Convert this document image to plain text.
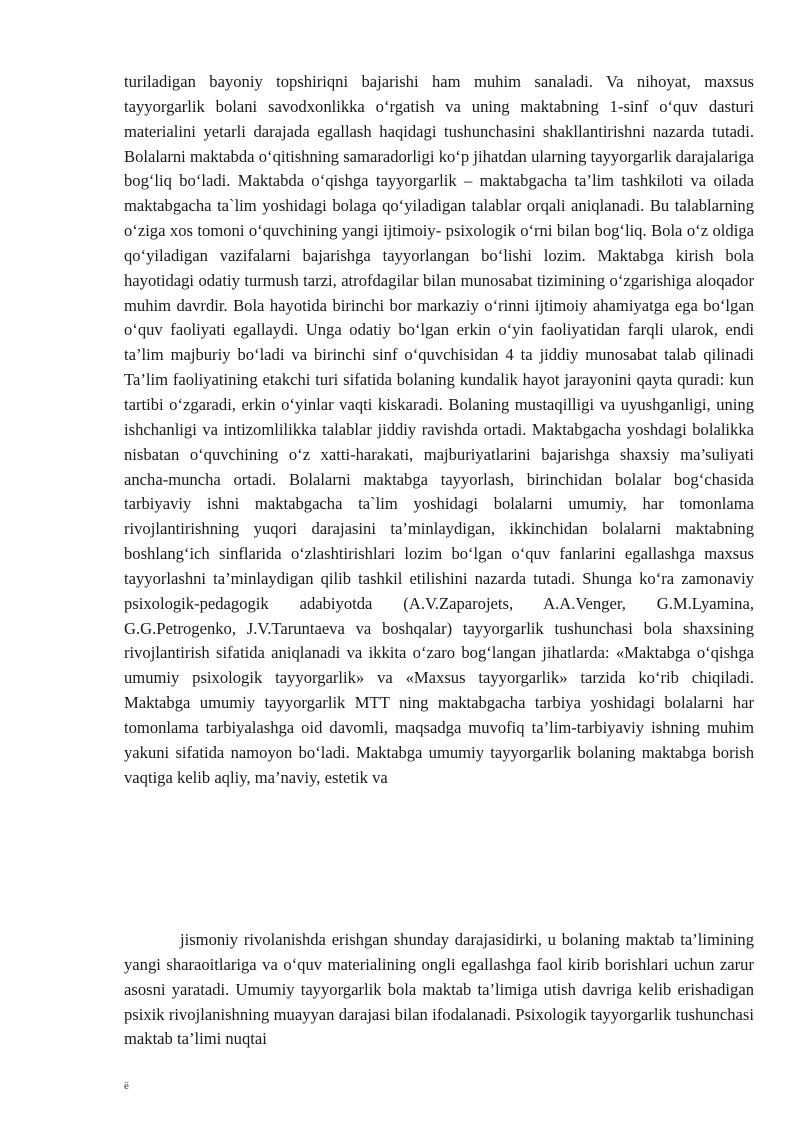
turiladigan bayoniy topshiriqni bajarishi ham muhim sanaladi. Va nihoyat, maxsus tayyorgarlik bolani savodxonlikka o‘rgatish va uning maktabning 1-sinf o‘quv dasturi materialini yetarli darajada egallash haqidagi tushunchasini shakllantirishni nazarda tutadi. Bolalarni maktabda o‘qitishning samaradorligi ko‘p jihatdan ularning tayyorgarlik darajalariga bog‘liq bo‘ladi. Maktabda o‘qishga tayyorgarlik – maktabgacha ta’lim tashkiloti va oilada maktabgacha ta`lim yoshidagi bolaga qo‘yiladigan talablar orqali aniqlanadi. Bu talablarning o‘ziga xos tomoni o‘quvchining yangi ijtimoiy- psixologik o‘rni bilan bog‘liq. Bola o‘z oldiga qo‘yiladigan vazifalarni bajarishga tayyorlangan bo‘lishi lozim. Maktabga kirish bola hayotidagi odatiy turmush tarzi, atrofdagilar bilan munosabat tizimining o‘zgarishiga aloqador muhim davrdir. Bola hayotida birinchi bor markaziy o‘rinni ijtimoiy ahamiyatga ega bo‘lgan o‘quv faoliyati egallaydi. Unga odatiy bo‘lgan erkin o‘yin faoliyatidan farqli ularok, endi ta’lim majburiy bo‘ladi va birinchi sinf o‘quvchisidan 4 ta jiddiy munosabat talab qilinadi Ta’lim faoliyatining etakchi turi sifatida bolaning kundalik hayot jarayonini qayta quradi: kun tartibi o‘zgaradi, erkin o‘yinlar vaqti kiskaradi. Bolaning mustaqilligi va uyushganligi, uning ishchanligi va intizomlilikka talablar jiddiy ravishda ortadi. Maktabgacha yoshdagi bolalikka nisbatan o‘quvchining o‘z xatti-harakati, majburiyatlarini bajarishga shaxsiy ma’suliyati ancha-muncha ortadi. Bolalarni maktabga tayyorlash, birinchidan bolalar bog‘chasida tarbiyaviy ishni maktabgacha ta`lim yoshidagi bolalarni umumiy, har tomonlama rivojlantirishning yuqori darajasini ta’minlaydigan, ikkinchidan bolalarni maktabning boshlang‘ich sinflarida o‘zlashtirishlari lozim bo‘lgan o‘quv fanlarini egallashga maxsus tayyorlashni ta’minlaydigan qilib tashkil etilishini nazarda tutadi. Shunga ko‘ra zamonaviy psixologik-pedagogik adabiyotda (A.V.Zaparojets, A.A.Venger, G.M.Lyamina, G.G.Petrogenko, J.V.Taruntaeva va boshqalar) tayyorgarlik tushunchasi bola shaxsining rivojlantirish sifatida aniqlanadi va ikkita o‘zaro bog‘langan jihatlarda: «Maktabga o‘qishga umumiy psixologik tayyorgarlik» va «Maxsus tayyorgarlik» tarzida ko‘rib chiqiladi. Maktabga umumiy tayyorgarlik MTT ning maktabgacha tarbiya yoshidagi bolalarni har tomonlama tarbiyalashga oid davomli, maqsadga muvofiq ta’lim-tarbiyaviy ishning muhim yakuni sifatida namoyon bo‘ladi. Maktabga umumiy tayyorgarlik bolaning maktabga borish vaqtiga kelib aqliy, ma’naviy, estetik va

jismoniy rivolanishda erishgan shunday darajasidirki, u bolaning maktab ta’limining yangi sharaoitlariga va o‘quv materialining ongli egallashga faol kirib borishlari uchun zarur asosni yaratadi. Umumiy tayyorgarlik bola maktab ta’limiga utish davriga kelib erishadigan psixik rivojlanishning muayyan darajasi bilan ifodalanadi. Psixologik tayyorgarlik tushunchasi maktab ta’limi nuqtai

ё
